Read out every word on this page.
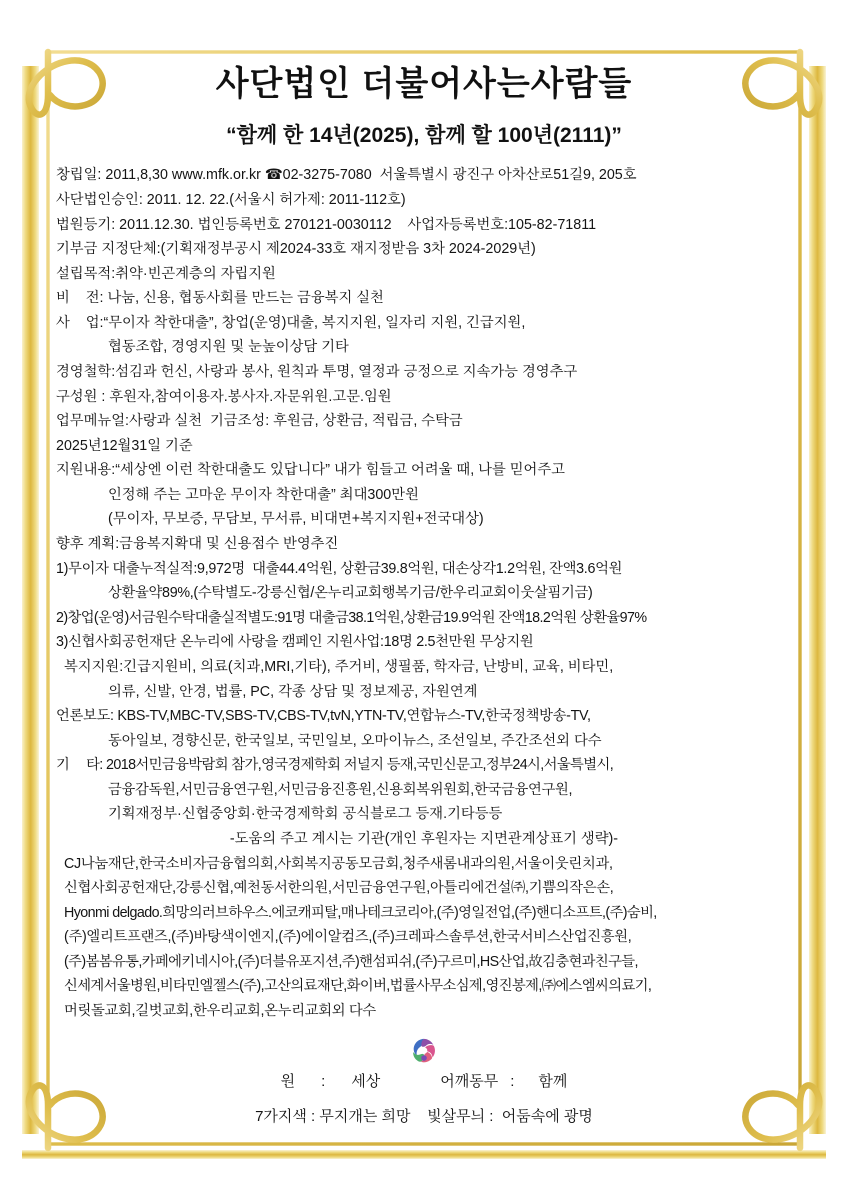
사단법인 더불어사는사람들
“함께 한 14년(2025), 함께 할 100년(2111)”
창립일: 2011,8,30 www.mfk.or.kr ☎02-3275-7080  서울특별시 광진구 아차산로51길9, 205호
사단법인승인: 2011. 12. 22.(서울시 허가제: 2011-112호)
법원등기: 2011.12.30. 법인등록번호 270121-0030112    사업자등록번호:105-82-71811
기부금 지정단체:(기획재정부공시 제2024-33호 재지정받음 3차 2024-2029년)
설립목적:취약·빈곤계층의 자립지원
비    전: 나눔, 신용, 협동사회를 만드는 금융복지 실천
사    업:“무이자 착한대출”, 창업(운영)대출, 복지지원, 일자리 지원, 긴급지원,
협동조합, 경영지원 및 눈높이상담 기타
경영철학:섬김과 헌신, 사랑과 봉사, 원칙과 투명, 열정과 긍정으로 지속가능 경영추구
구성원 : 후원자,참여이용자.봉사자.자문위원.고문.임원
업무메뉴얼:사랑과 실천  기금조성: 후원금, 상환금, 적립금, 수탁금
2025년12월31일 기준
지원내용:“세상엔 이런 착한대출도 있답니다” 내가 힘들고 어려울 때, 나를 믿어주고
인정해 주는 고마운 무이자 착한대출” 최대300만원
(무이자, 무보증, 무담보, 무서류, 비대면+복지지원+전국대상)
향후 계획:금융복지확대 및 신용점수 반영추진
1)무이자 대출누적실적:9,972명  대출44.4억원, 상환금39.8억원, 대손상각1.2억원, 잔액3.6억원
상환율약89%,(수탁별도-강릉신협/온누리교회행복기금/한우리교회이웃살핌기금)
2)창업(운영)서금원수탁대출실적별도:91명 대출금38.1억원,상환금19.9억원 잔액18.2억원 상환율97%
3)신협사회공헌재단 온누리에 사랑을 캠페인 지원사업:18명 2.5천만원 무상지원
복지지원:긴급지원비, 의료(치과,MRI,기타), 주거비, 생필품, 학자금, 난방비, 교육, 비타민,
의류, 신발, 안경, 법률, PC, 각종 상담 및 정보제공, 자원연계
언론보도: KBS-TV,MBC-TV,SBS-TV,CBS-TV,tvN,YTN-TV,연합뉴스-TV,한국정책방송-TV,
동아일보, 경향신문, 한국일보, 국민일보, 오마이뉴스, 조선일보, 주간조선외 다수
기     타: 2018서민금융박람회 참가,영국경제학회 저널지 등재,국민신문고,정부24시,서울특별시,
금융감독원,서민금융연구원,서민금융진흥원,신용회복위원회,한국금융연구원,
기획재정부·신협중앙회·한국경제학회 공식블로그 등재.기타등등
-도움의 주고 계시는 기관(개인 후원자는 지면관계상표기 생략)-
CJ나눔재단,한국소비자금융협의회,사회복지공동모금회,청주새롬내과의원,서울이웃린치과,
신협사회공헌재단,강릉신협,예천동서한의원,서민금융연구원,아틀리에건설㈜,기쁨의작은손,
Hyonmi delgado.희망의러브하우스.에코캐피탈,매나테크코리아,(주)영일전업,(주)핸디소프트,(주)숨비,
(주)엘리트프랜즈,(주)바탕색이엔지,(주)에이알컴즈,(주)크레파스솔루션,한국서비스산업진흥원,
(주)봄봄유통,카페에키네시아,(주)더블유포지션,주)핸섬피쉬,(주)구르미,HS산업,故김충현과친구들,
신세계서울병원,비타민엘젤스(주),고산의료재단,화이버,법률사무소심제,영진봉제,㈜에스엠씨의료기,
머릿돌교회,길벗교회,한우리교회,온누리교회외 다수
원 : 세상	어깨동무 : 함께
7가지색 : 무지개는 희망    빛살무늬 :  어둠속에 광명
